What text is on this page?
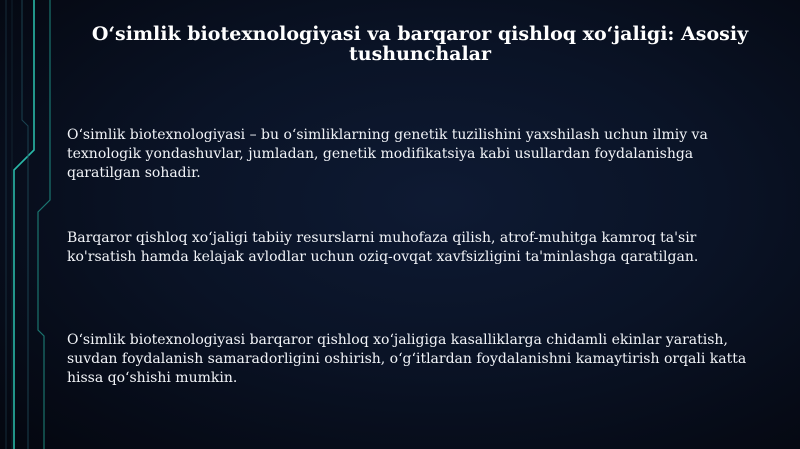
O‘simlik biotexnologiyasi va barqaror qishloq xo‘jaligi: Asosiy tushunchalar

O‘simlik biotexnologiyasi – bu o‘simliklarning genetik tuzilishini yaxshilash uchun ilmiy va texnologik yondashuvlar, jumladan, genetik modifikatsiya kabi usullardan foydalanishga qaratilgan sohadir.

Barqaror qishloq xo‘jaligi tabiiy resurslarni muhofaza qilish, atrof-muhitga kamroq ta'sir ko'rsatish hamda kelajak avlodlar uchun oziq-ovqat xavfsizligini ta'minlashga qaratilgan.

O‘simlik biotexnologiyasi barqaror qishloq xo‘jaligiga kasalliklarga chidamli ekinlar yaratish, suvdan foydalanish samaradorligini oshirish, o‘g‘itlardan foydalanishni kamaytirish orqali katta hissa qo‘shishi mumkin.
